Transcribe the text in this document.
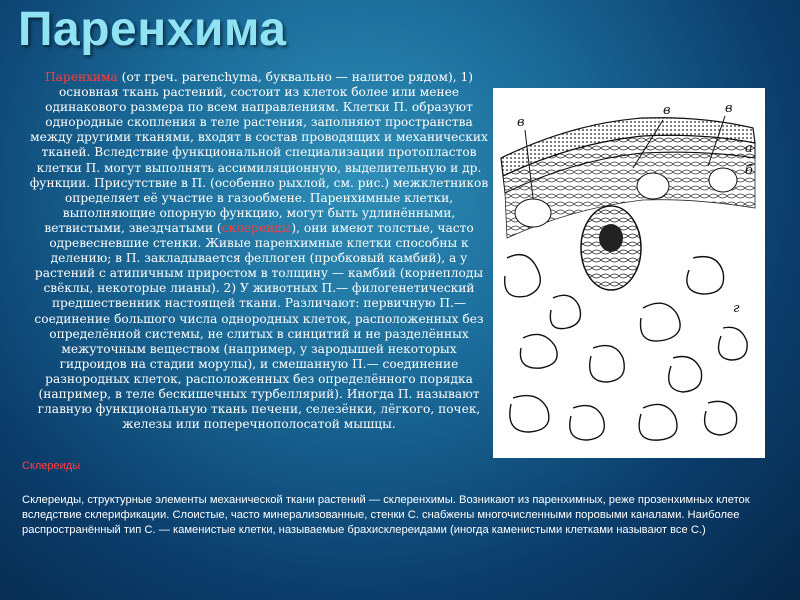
Паренхима

Паренхима (от греч. parenchyma, буквально — налитое рядом), 1) основная ткань растений, состоит из клеток более или менее одинакового размера по всем направлениям. Клетки П. образуют однородные скопления в теле растения, заполняют пространства между другими тканями, входят в состав проводящих и механических тканей. Вследствие функциональной специализации протопластов клетки П. могут выполнять ассимиляционную, выделительную и др. функции. Присутствие в П. (особенно рыхлой, см. рис.) межклетников определяет её участие в газообмене. Паренхимные клетки, выполняющие опорную функцию, могут быть удлинёнными, ветвистыми, звездчатыми (склереиды), они имеют толстые, часто одревесневшие стенки. Живые паренхимные клетки способны к делению; в П. закладывается феллоген (пробковый камбий), а у растений с атипичным приростом в толщину — камбий (корнеплоды свёклы, некоторые лианы). 2) У животных П.— филогенетический предшественник настоящей ткани. Различают: первичную П.— соединение большого числа однородных клеток, расположенных без определённой системы, не слитых в синцитий и не разделённых межуточным веществом (например, у зародышей некоторых гидроидов на стадии морулы), и смешанную П.— соединение разнородных клеток, расположенных без определённого порядка (например, в теле бескишечных турбеллярий). Иногда П. называют главную функциональную ткань печени, селезёнки, лёгкого, почек, железы или поперечнополосатой мышцы.

в
в	в
а
б
г
Склереиды

Склереиды, структурные элементы механической ткани растений — склеренхимы. Возникают из паренхимных, реже прозенхимных клеток вследствие склерификации. Слоистые, часто минерализованные, стенки С. снабжены многочисленными поровыми каналами. Наиболее распространённый тип С. — каменистые клетки, называемые брахисклереидами (иногда каменистыми клетками называют все С.)
